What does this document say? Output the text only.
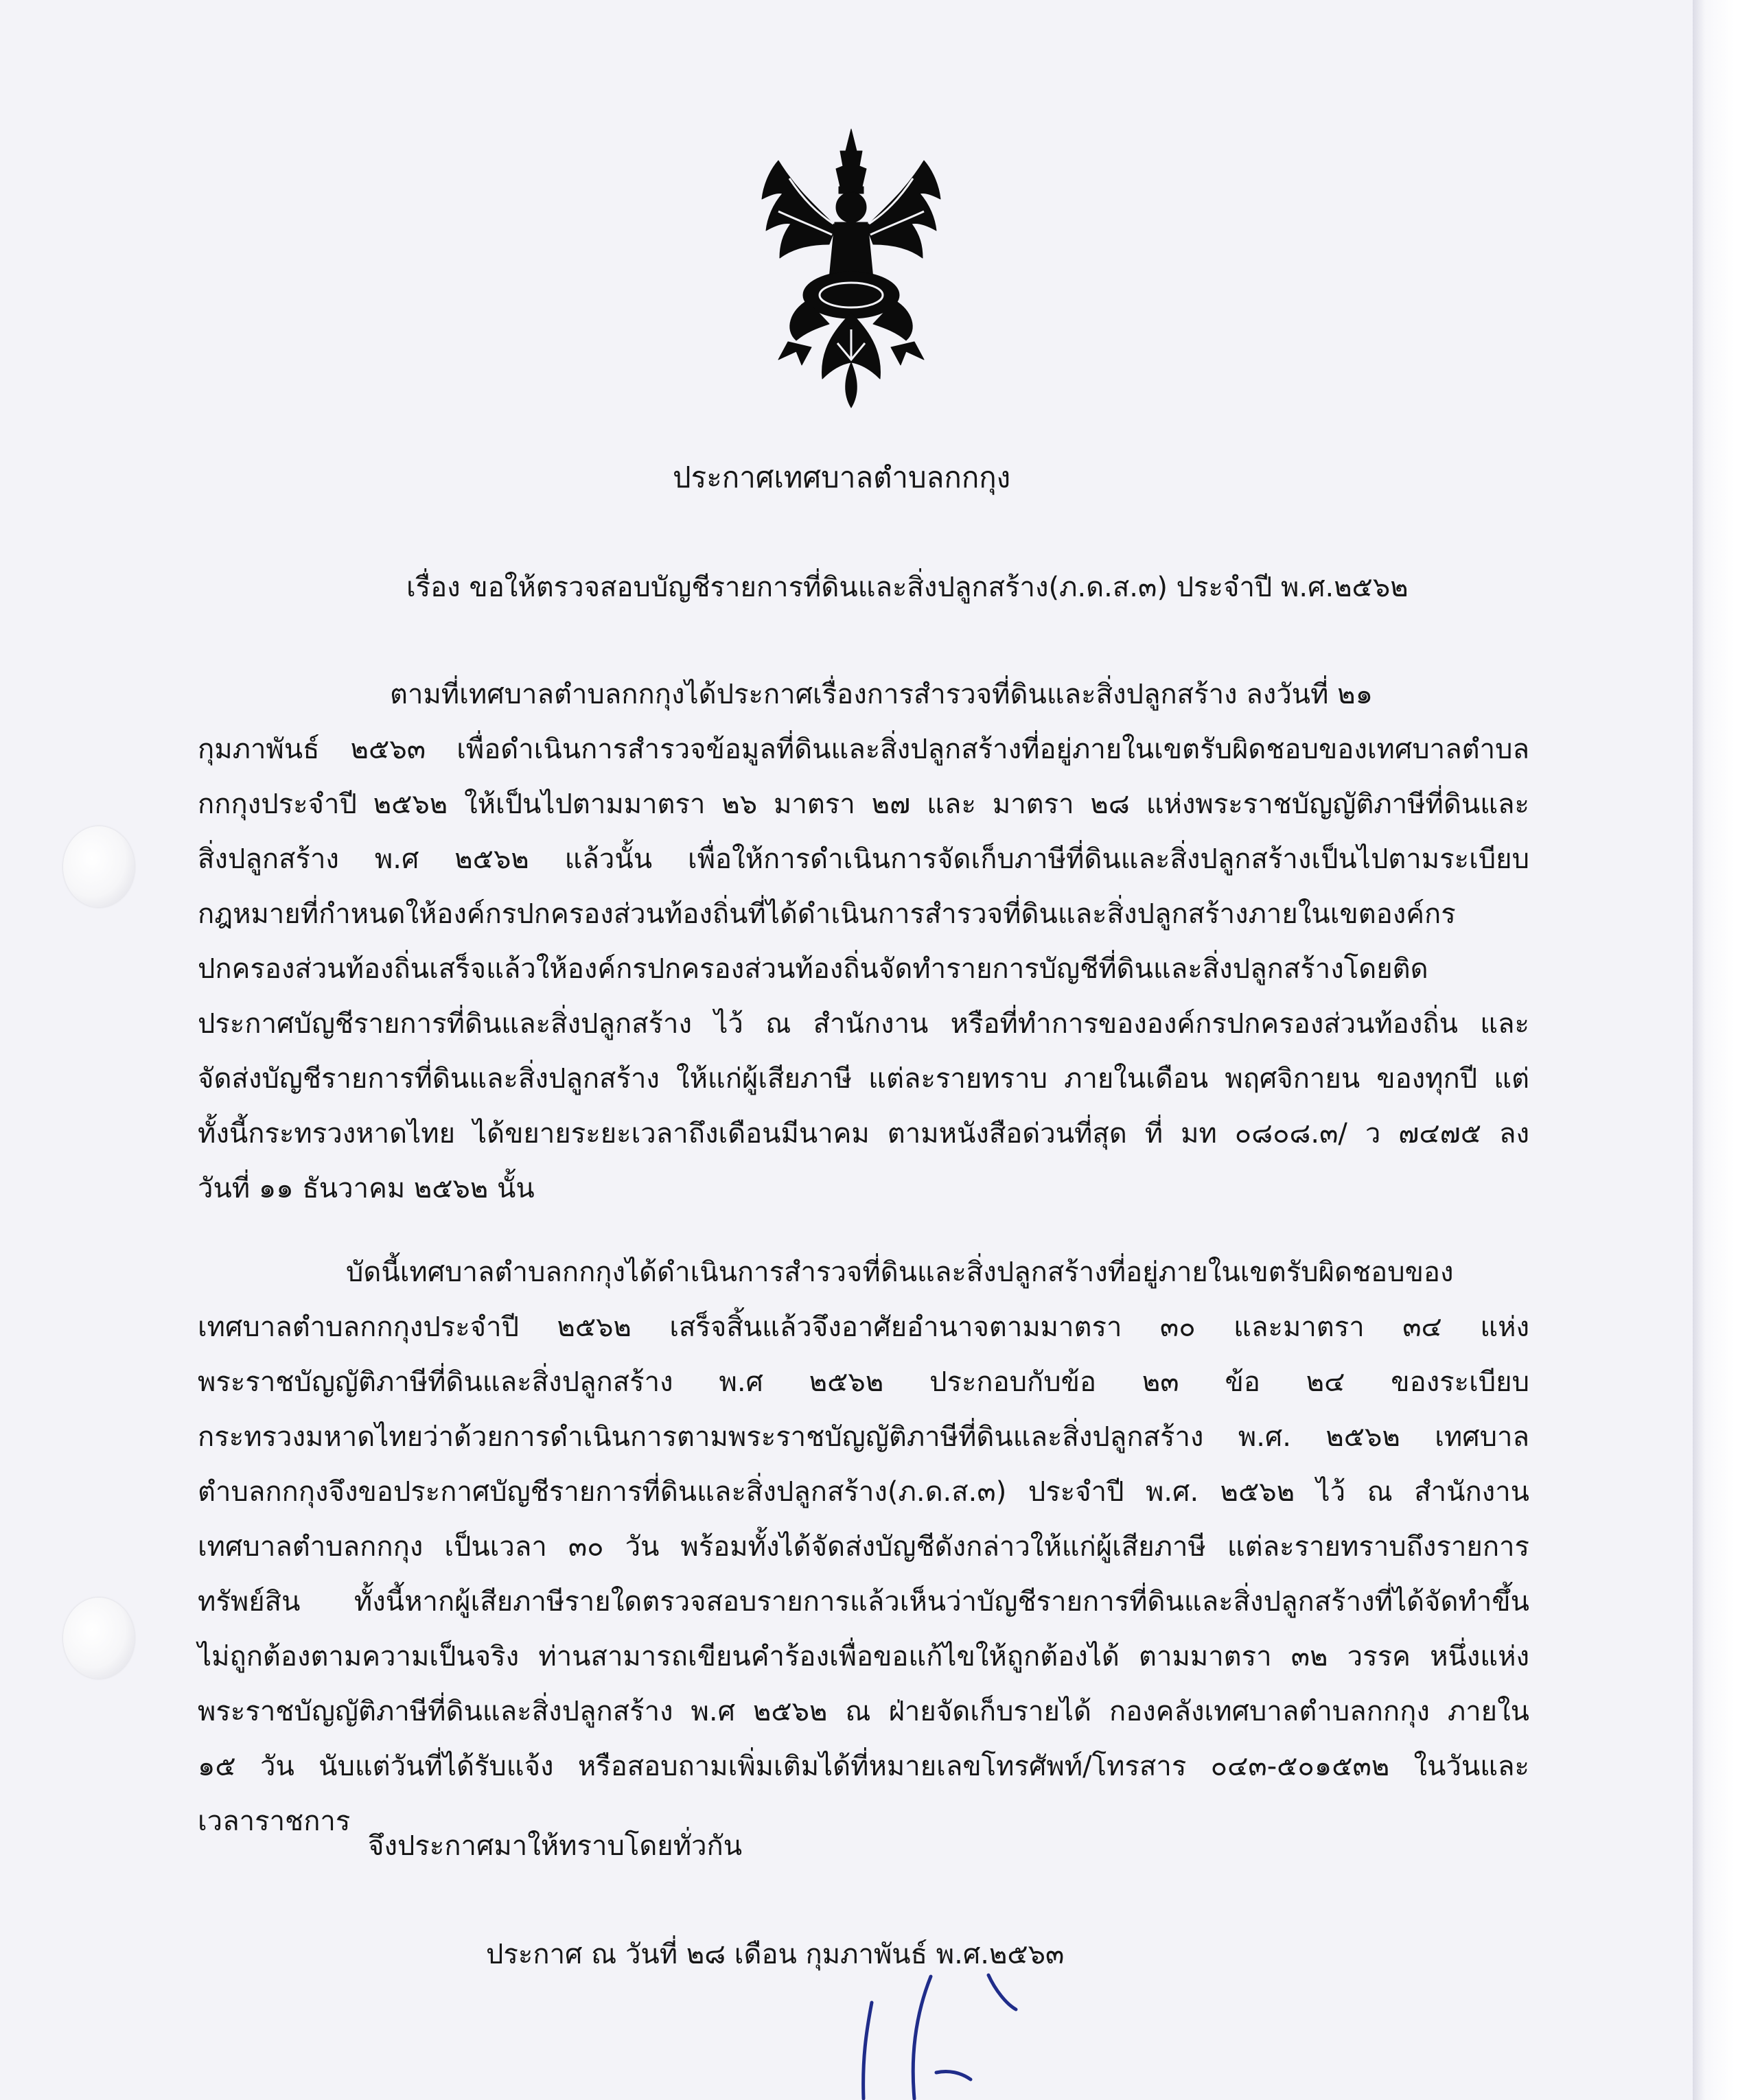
ประกาศเทศบาลตำบลกกกุง

เรื่อง ขอให้ตรวจสอบบัญชีรายการที่ดินและสิ่งปลูกสร้าง(ภ.ด.ส.๓) ประจำปี พ.ศ.๒๕๖๒

ตามที่เทศบาลตำบลกกกุงได้ประกาศเรื่องการสำรวจที่ดินและสิ่งปลูกสร้าง ลงวันที่ ๒๑

กุมภาพันธ์ ๒๕๖๓ เพื่อดำเนินการสำรวจข้อมูลที่ดินและสิ่งปลูกสร้างที่อยู่ภายในเขตรับผิดชอบของเทศบาลตำบล

กกกุงประจำปี ๒๕๖๒ ให้เป็นไปตามมาตรา ๒๖ มาตรา ๒๗ และ มาตรา ๒๘ แห่งพระราชบัญญัติภาษีที่ดินและ

สิ่งปลูกสร้าง พ.ศ ๒๕๖๒ แล้วนั้น เพื่อให้การดำเนินการจัดเก็บภาษีที่ดินและสิ่งปลูกสร้างเป็นไปตามระเบียบ

กฎหมายที่กำหนดให้องค์กรปกครองส่วนท้องถิ่นที่ได้ดำเนินการสำรวจที่ดินและสิ่งปลูกสร้างภายในเขตองค์กร

ปกครองส่วนท้องถิ่นเสร็จแล้วให้องค์กรปกครองส่วนท้องถิ่นจัดทำรายการบัญชีที่ดินและสิ่งปลูกสร้างโดยติด

ประกาศบัญชีรายการที่ดินและสิ่งปลูกสร้าง ไว้ ณ สำนักงาน หรือที่ทำการขององค์กรปกครองส่วนท้องถิ่น และ

จัดส่งบัญชีรายการที่ดินและสิ่งปลูกสร้าง ให้แก่ผู้เสียภาษี แต่ละรายทราบ ภายในเดือน พฤศจิกายน ของทุกปี แต่

ทั้งนี้กระทรวงหาดไทย ได้ขยายระยะเวลาถึงเดือนมีนาคม ตามหนังสือด่วนที่สุด ที่ มท ๐๘๐๘.๓/ ว ๗๔๗๕ ลง

วันที่ ๑๑ ธันวาคม ๒๕๖๒ นั้น

บัดนี้เทศบาลตำบลกกกุงได้ดำเนินการสำรวจที่ดินและสิ่งปลูกสร้างที่อยู่ภายในเขตรับผิดชอบของ

เทศบาลตำบลกกกุงประจำปี ๒๕๖๒ เสร็จสิ้นแล้วจึงอาศัยอำนาจตามมาตรา ๓๐ และมาตรา ๓๔ แห่ง

พระราชบัญญัติภาษีที่ดินและสิ่งปลูกสร้าง พ.ศ ๒๕๖๒ ประกอบกับข้อ ๒๓ ข้อ ๒๔ ของระเบียบ

กระทรวงมหาดไทยว่าด้วยการดำเนินการตามพระราชบัญญัติภาษีที่ดินและสิ่งปลูกสร้าง พ.ศ. ๒๕๖๒ เทศบาล

ตำบลกกกุงจึงขอประกาศบัญชีรายการที่ดินและสิ่งปลูกสร้าง(ภ.ด.ส.๓) ประจำปี พ.ศ. ๒๕๖๒ ไว้ ณ สำนักงาน

เทศบาลตำบลกกกุง เป็นเวลา ๓๐ วัน พร้อมทั้งได้จัดส่งบัญชีดังกล่าวให้แก่ผู้เสียภาษี แต่ละรายทราบถึงรายการ

ทรัพย์สิน ทั้งนี้หากผู้เสียภาษีรายใดตรวจสอบรายการแล้วเห็นว่าบัญชีรายการที่ดินและสิ่งปลูกสร้างที่ได้จัดทำขึ้น

ไม่ถูกต้องตามความเป็นจริง ท่านสามารถเขียนคำร้องเพื่อขอแก้ไขให้ถูกต้องได้ ตามมาตรา ๓๒ วรรค หนึ่งแห่ง

พระราชบัญญัติภาษีที่ดินและสิ่งปลูกสร้าง พ.ศ ๒๕๖๒ ณ ฝ่ายจัดเก็บรายได้ กองคลังเทศบาลตำบลกกกุง ภายใน

๑๕ วัน นับแต่วันที่ได้รับแจ้ง หรือสอบถามเพิ่มเติมได้ที่หมายเลขโทรศัพท์/โทรสาร ๐๔๓-๕๐๑๕๓๒ ในวันและ

เวลาราชการ

จึงประกาศมาให้ทราบโดยทั่วกัน

ประกาศ ณ วันที่ ๒๘ เดือน กุมภาพันธ์ พ.ศ.๒๕๖๓
